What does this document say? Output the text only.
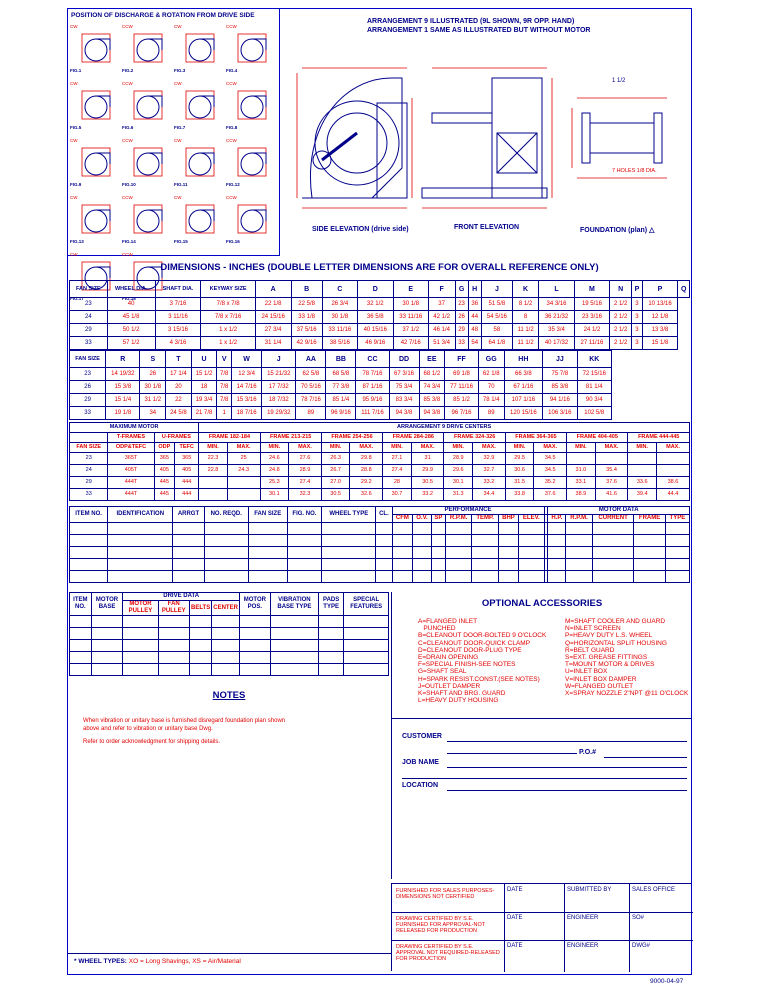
POSITION OF DISCHARGE & ROTATION FROM DRIVE SIDE
CW
FIG.1
CCW
FIG.2
CW
FIG.3
CCW
FIG.4
CW
FIG.5
CCW
FIG.6
CW
FIG.7
CCW
FIG.8
CW
FIG.9
CCW
FIG.10
CW
FIG.11
CCW
FIG.12
CW
FIG.13
CCW
FIG.14
CW
FIG.15
CCW
FIG.16
CW
FIG.17
CCW
FIG.18
ARRANGEMENT 9 ILLUSTRATED (9L SHOWN, 9R OPP. HAND)
ARRANGEMENT 1 SAME AS ILLUSTRATED BUT WITHOUT MOTOR
SIDE ELEVATION (drive side)	FRONT ELEVATION	FOUNDATION (plan) △
7 HOLES 1/8 DIA.
1 1/2
DIMENSIONS - INCHES (DOUBLE LETTER DIMENSIONS ARE FOR OVERALL REFERENCE ONLY)
FAN SIZE	WHEEL DIA.	SHAFT DIA.	KEYWAY SIZE	A	B	C	D	E	F	G	H	J	K	L	M	N	P	P	Q
23	40	3 7/16	7/8 x 7/8	22 1/8	22 5/8	26 3/4	32 1/2	30 1/8	37	23	36	51 5/8	8 1/2	34 3/16	19 5/16	2 1/2	3	10 13/16	
24	45 1/8	3 11/16	7/8 x 7/16	24 15/16	33 1/8	30 1/8	36 5/8	33 11/16	42 1/2	26	44	54 5/16	8	36 21/32	23 3/16	2 1/2	3	12 1/8	
29	50 1/2	3 15/16	1 x 1/2	27 3/4	37 5/16	33 11/16	40 15/16	37 1/2	46 1/4	29	48	58	11 1/2	35 3/4	24 1/2	2 1/2	3	13 3/8	
33	57 1/2	4 3/16	1 x 1/2	31 1/4	42 9/16	38 5/16	46 9/16	42 7/16	51 3/4	33	54	64 1/8	11 1/2	40 17/32	27 11/16	2 1/2	3	15 1/8	
FAN SIZE	R	S	T	U	V	W	J	AA	BB	CC	DD	EE	FF	GG	HH	JJ	KK
23	14 19/32	26	17 1/4	15 1/2	7/8	12 3/4	15 21/32	62 5/8	68 5/8	78 7/16	67 3/16	68 1/2	69 1/8	62 1/8	66 3/8	75 7/8	72 15/16
26	15 3/8	30 1/8	20	18	7/8	14 7/16	17 7/32	70 5/16	77 3/8	87 1/16	75 3/4	74 3/4	77 11/16	70	67 1/16	85 3/8	81 1/4
29	15 1/4	31 1/2	22	19 3/4	7/8	15 3/16	18 7/32	78 7/16	85 1/4	95 9/16	83 3/4	85 3/8	85 1/2	78 1/4	107 1/16	94 1/16	90 3/4
33	19 1/8	34	24 5/8	21 7/8	1	18 7/16	19 29/32	89	96 9/16	111 7/16	94 3/8	94 3/8	96 7/16	89	120 15/16	106 3/16	102 5/8
MAXIMUM MOTOR				ARRANGEMENT 9 DRIVE CENTERS															
	T-FRAMES	U-FRAMES		FRAME 182-184		FRAME 213-215		FRAME 254-256		FRAME 284-286		FRAME 324-326		FRAME 364-365		FRAME 404-405		FRAME 444-445	
FAN SIZE	ODP&TEFC	ODP	TEFC	MIN.	MAX.	MIN.	MAX.	MIN.	MAX.	MIN.	MAX.	MIN.	MAX.	MIN.	MAX.	MIN.	MAX.	MIN.	MAX.
23	365T	365	365	22.3	25	24.6	27.6	26.3	29.8	27.1	31	28.9	32.9	29.5	34.5				
24	405T	405	405	22.8	24.3	24.8	28.9	26.7	28.8	27.4	29.9	29.6	32.7	30.6	34.5	31.0	35.4		
29	444T	445	444			25.3	27.4	27.0	29.2	28	30.5	30.1	33.2	31.5	35.2	33.1	37.6	33.6	38.6
33	444T	445	444			30.1	32.3	30.5	32.6	30.7	33.2	31.3	34.4	33.8	37.6	38.9	41.6	39.4	44.4
ITEM NO.	IDENTIFICATION	ARRGT	NO. REQD.	FAN SIZE	FIG. NO.	WHEEL TYPE	CL.	PERFORMANCE								MOTOR DATA				
								CFM	O.V.	SP	R.P.M.	TEMP.	BHP	ELEV.		H.P.	R.P.M.	CURRENT	FRAME	TYPE

ITEM NO.	MOTOR BASE	DRIVE DATA				MOTOR POS.	VIBRATION BASE TYPE	PADS TYPE	SPECIAL FEATURES
		MOTOR PULLEY	FAN PULLEY	BELTS	CENTER				

										OPTIONAL ACCESSORIES
A=FLANGED INLET
PUNCHED
B=CLEANOUT DOOR-BOLTED 9 O'CLOCK
C=CLEANOUT DOOR-QUICK CLAMP
D=CLEANOUT DOOR-PLUG TYPE
E=DRAIN OPENING
F=SPECIAL FINISH-SEE NOTES
G=SHAFT SEAL
H=SPARK RESIST.CONST.(SEE NOTES)
J=OUTLET DAMPER
K=SHAFT AND BRG. GUARD
L=HEAVY DUTY HOUSING
M=SHAFT COOLER AND GUARD
N=INLET SCREEN
P=HEAVY DUTY L.S. WHEEL
Q=HORIZONTAL SPLIT HOUSING
R=BELT GUARD
S=EXT. GREASE FITTINGS
T=MOUNT MOTOR & DRIVES
U=INLET BOX
V=INLET BOX DAMPER
W=FLANGED OUTLET
X=SPRAY NOZZLE 2"NPT @11 O'CLOCK
NOTES
When vibration or unitary base is furnished disregard foundation plan shown
above and refer to vibration or unitary base Dwg.
Refer to order acknowledgment for shipping details.
CUSTOMER
P.O.#
JOB NAME
LOCATION
FURNISHED FOR SALES PURPOSES-DIMENSIONS NOT CERTIFIED
DRAWING CERTIFIED BY S.E. FURNISHED FOR APPROVAL-NOT RELEASED FOR PRODUCTION
DRAWING CERTIFIED BY S.E. APPROVAL NOT REQUIRED-RELEASED FOR PRODUCTION
DATE	SUBMITTED BY	SALES OFFICE
DATE	ENGINEER	SO#
DATE	ENGINEER	DWG#
* WHEEL TYPES: XO = Long Shavings, XS = Air/Material
9000-04-97
